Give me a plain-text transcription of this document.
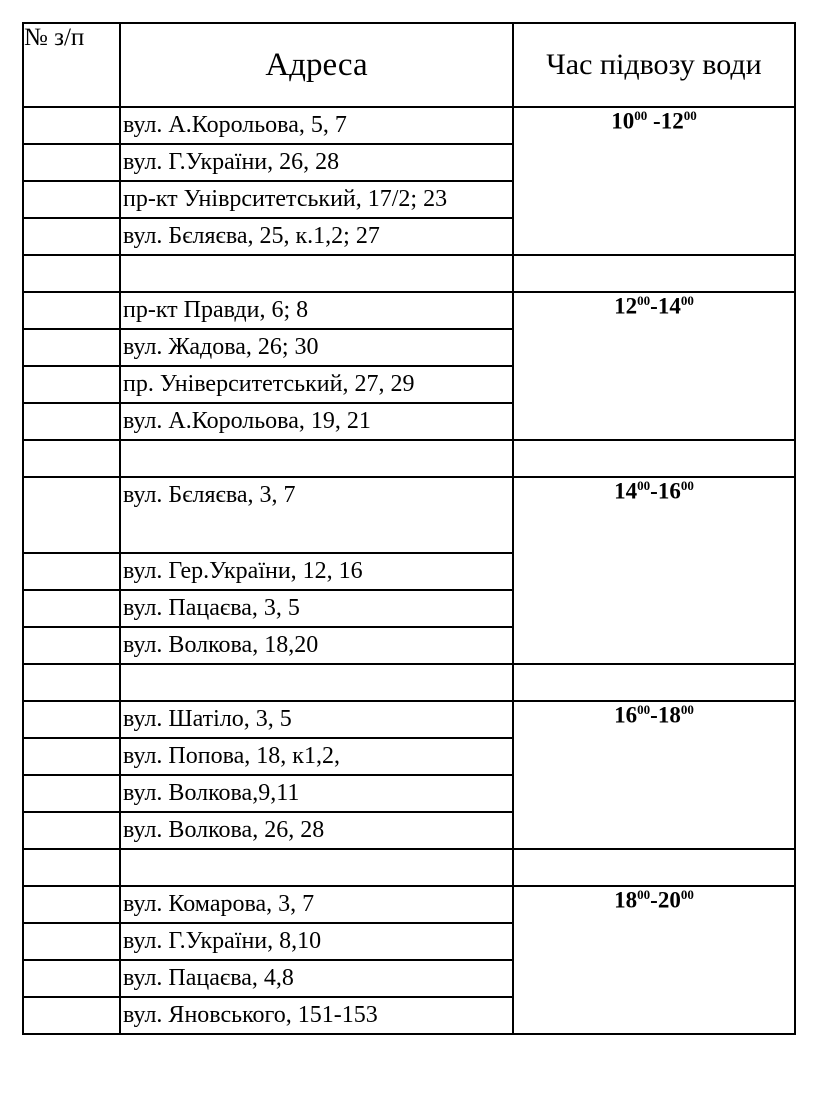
№ з/п	Адреса	Час підвозу води
	вул. А.Корольова, 5, 7	$10^{00}$ $-12^{00}$
	вул. Г.України, 26, 28	
	пр-кт Уніврситетський, 17/2; 23	
	вул. Бєляєва, 25, к.1,2; 27	

	пр-кт Правди, 6; 8	$12^{00}-14^{00}$
	вул. Жадова, 26; 30	
	пр. Університетський, 27, 29	
	вул. А.Корольова, 19, 21	

	вул. Бєляєва, 3, 7	$14^{00}-16^{00}$
	вул. Гер.України, 12, 16	
	вул. Пацаєва, 3, 5	
	вул. Волкова, 18,20	

	вул. Шатіло, 3, 5	$16^{00}-18^{00}$
	вул. Попова, 18, к1,2,	
	вул. Волкова,9,11	
	вул. Волкова, 26, 28	

	вул. Комарова, 3, 7	$18^{00}-20^{00}$
	вул. Г.України, 8,10	
	вул. Пацаєва, 4,8	
	вул. Яновського, 151-153	
